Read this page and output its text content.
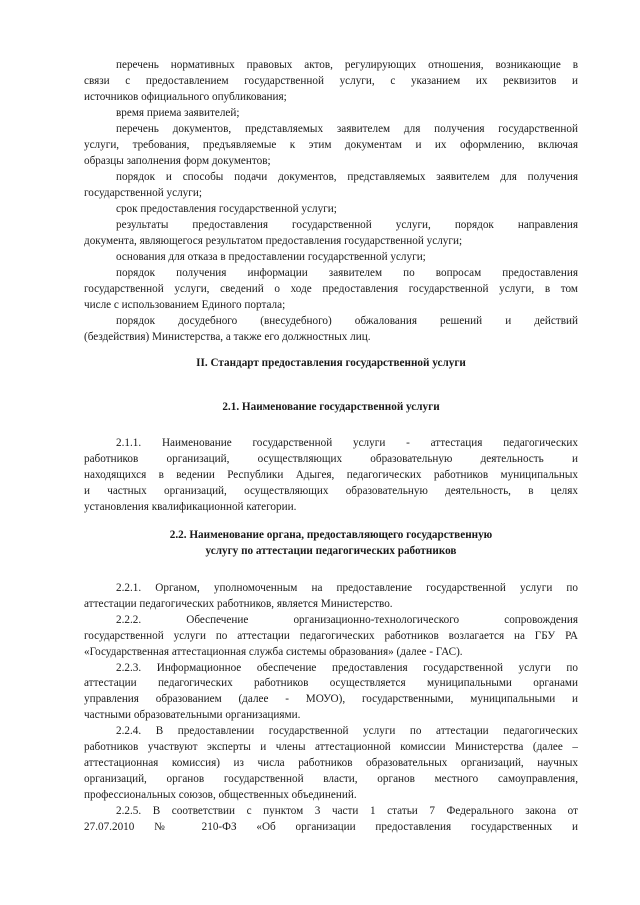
перечень нормативных правовых актов, регулирующих отношения, возникающие в
связи с предоставлением государственной услуги, с указанием их реквизитов и
источников официального опубликования;
время приема заявителей;
перечень документов, представляемых заявителем для получения государственной
услуги, требования, предъявляемые к этим документам и их оформлению, включая
образцы заполнения форм документов;
порядок и способы подачи документов, представляемых заявителем для получения
государственной услуги;
срок предоставления государственной услуги;
результаты предоставления государственной услуги, порядок направления
документа, являющегося результатом предоставления государственной услуги;
основания для отказа в предоставлении государственной услуги;
порядок получения информации заявителем по вопросам предоставления
государственной услуги, сведений о ходе предоставления государственной услуги, в том
числе с использованием Единого портала;
порядок досудебного (внесудебного) обжалования решений и действий
(бездействия) Министерства, а также его должностных лиц.
II. Стандарт предоставления государственной услуги
2.1. Наименование государственной услуги
2.1.1. Наименование государственной услуги - аттестация педагогических
работников организаций, осуществляющих образовательную деятельность и
находящихся в ведении Республики Адыгея, педагогических работников муниципальных
и частных организаций, осуществляющих образовательную деятельность, в целях
установления квалификационной категории.
2.2. Наименование органа, предоставляющего государственную
услугу по аттестации педагогических работников
2.2.1. Органом, уполномоченным на предоставление государственной услуги по
аттестации педагогических работников, является Министерство.
2.2.2. Обеспечение организационно-технологического сопровождения
государственной услуги по аттестации педагогических работников возлагается на ГБУ РА
«Государственная аттестационная служба системы образования» (далее - ГАС).
2.2.3. Информационное обеспечение предоставления государственной услуги по
аттестации педагогических работников осуществляется муниципальными органами
управления образованием (далее - МОУО), государственными, муниципальными и
частными образовательными организациями.
2.2.4. В предоставлении государственной услуги по аттестации педагогических
работников участвуют эксперты и члены аттестационной комиссии Министерства (далее –
аттестационная комиссия) из числа работников образовательных организаций, научных
организаций, органов государственной власти, органов местного самоуправления,
профессиональных союзов, общественных объединений.
2.2.5. В соответствии с пунктом 3 части 1 статьи 7 Федерального закона от
27.07.2010 № 210-ФЗ «Об организации предоставления государственных и
